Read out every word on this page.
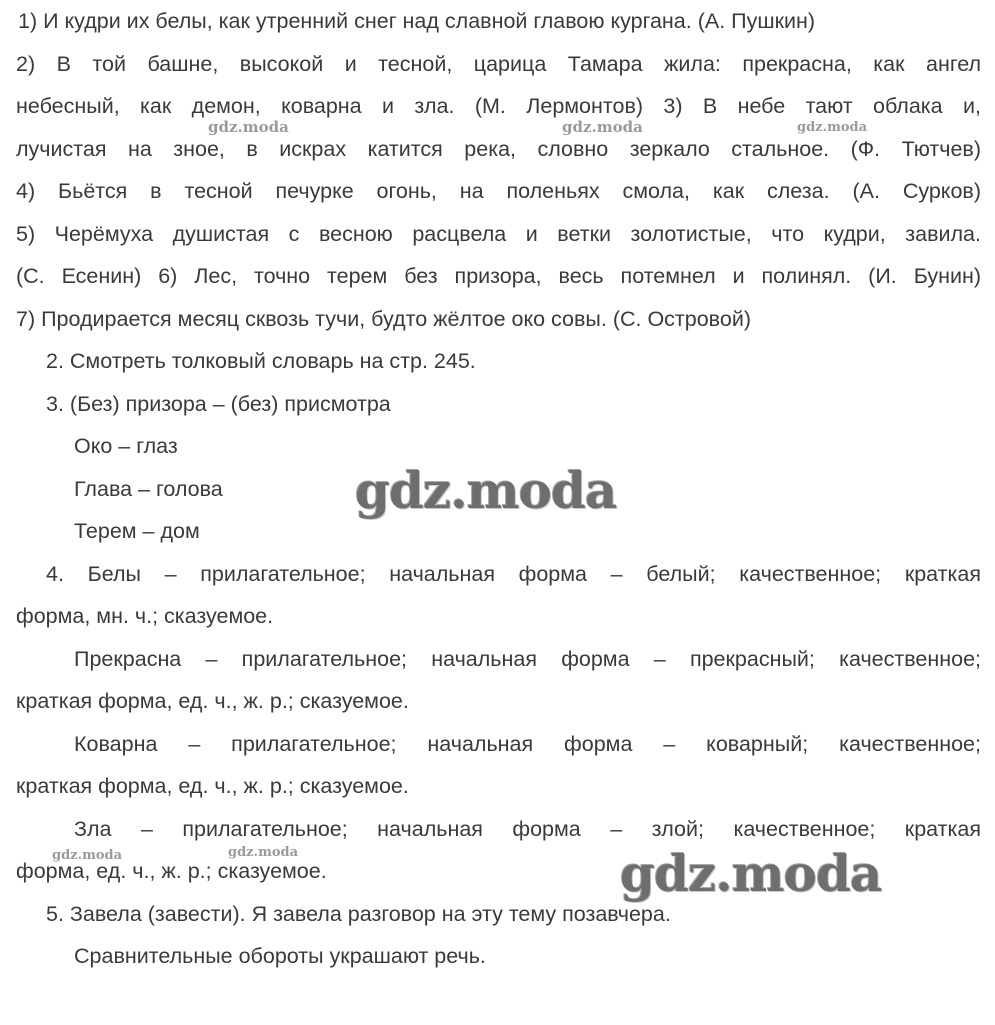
1) И кудри их белы, как утренний снег над славной главою кургана. (А. Пушкин)
2) В той башне, высокой и тесной, царица Тамара жила: прекрасна, как ангел
небесный, как демон, коварна и зла. (М. Лермонтов) 3) В небе тают облака и,
лучистая на зное, в искрах катится река, словно зеркало стальное. (Ф. Тютчев)
4) Бьётся в тесной печурке огонь, на поленьях смола, как слеза. (А. Сурков)
5) Черёмуха душистая с весною расцвела и ветки золотистые, что кудри, завила.
(С. Есенин) 6) Лес, точно терем без призора, весь потемнел и полинял. (И. Бунин)
7) Продирается месяц сквозь тучи, будто жёлтое око совы. (С. Островой)
2. Смотреть толковый словарь на стр. 245.
3. (Без) призора – (без) присмотра
Око – глаз
Глава – голова
Терем – дом
4. Белы – прилагательное; начальная форма – белый; качественное; краткая
форма, мн. ч.; сказуемое.
Прекрасна – прилагательное; начальная форма – прекрасный; качественное;
краткая форма, ед. ч., ж. р.; сказуемое.
Коварна – прилагательное; начальная форма – коварный; качественное;
краткая форма, ед. ч., ж. р.; сказуемое.
Зла – прилагательное; начальная форма – злой; качественное; краткая
форма, ед. ч., ж. р.; сказуемое.
5. Завела (завести). Я завела разговор на эту тему позавчера.
Сравнительные обороты украшают речь.
gdz.moda	gdz.moda	gdz.moda
gdz.moda
gdz.moda	gdz.moda	gdz.moda
